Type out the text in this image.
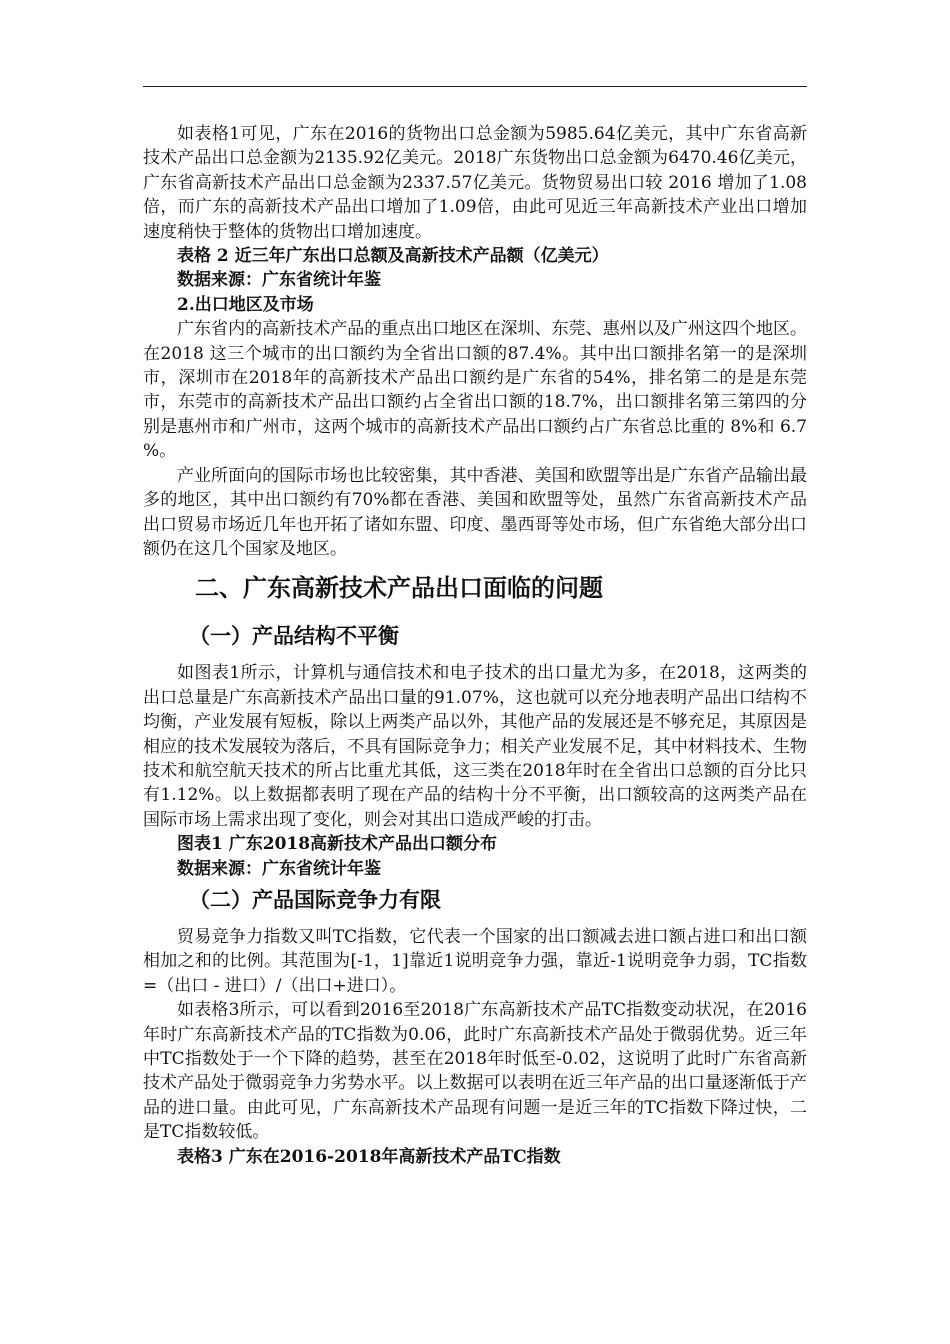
如表格1可见，广东在2016的货物出口总金额为5985.64亿美元，其中广东省高新技术产品出口总金额为2135.92亿美元。2018广东货物出口总金额为6470.46亿美元，广东省高新技术产品出口总金额为2337.57亿美元。货物贸易出口较 2016 增加了1.08倍，而广东的高新技术产品出口增加了1.09倍，由此可见近三年高新技术产业出口增加速度稍快于整体的货物出口增加速度。

表格 2 近三年广东出口总额及高新技术产品额（亿美元）

数据来源：广东省统计年鉴

2.出口地区及市场

广东省内的高新技术产品的重点出口地区在深圳、东莞、惠州以及广州这四个地区。在2018 这三个城市的出口额约为全省出口额的87.4%。其中出口额排名第一的是深圳市，深圳市在2018年的高新技术产品出口额约是广东省的54%，排名第二的是是东莞市，东莞市的高新技术产品出口额约占全省出口额的18.7%，出口额排名第三第四的分别是惠州市和广州市，这两个城市的高新技术产品出口额约占广东省总比重的 8%和 6.7 %。

产业所面向的国际市场也比较密集，其中香港、美国和欧盟等出是广东省产品输出最多的地区，其中出口额约有70%都在香港、美国和欧盟等处，虽然广东省高新技术产品出口贸易市场近几年也开拓了诸如东盟、印度、墨西哥等处市场，但广东省绝大部分出口额仍在这几个国家及地区。

二、广东高新技术产品出口面临的问题
（一）产品结构不平衡

如图表1所示，计算机与通信技术和电子技术的出口量尤为多，在2018，这两类的出口总量是广东高新技术产品出口量的91.07%，这也就可以充分地表明产品出口结构不均衡，产业发展有短板，除以上两类产品以外，其他产品的发展还是不够充足，其原因是相应的技术发展较为落后，不具有国际竞争力；相关产业发展不足，其中材料技术、生物技术和航空航天技术的所占比重尤其低，这三类在2018年时在全省出口总额的百分比只有1.12%。以上数据都表明了现在产品的结构十分不平衡，出口额较高的这两类产品在国际市场上需求出现了变化，则会对其出口造成严峻的打击。

图表1 广东2018高新技术产品出口额分布

数据来源：广东省统计年鉴

（二）产品国际竞争力有限

贸易竞争力指数又叫TC指数，它代表一个国家的出口额减去进口额占进口和出口额相加之和的比例。其范围为[-1，1]靠近1说明竞争力强，靠近-1说明竞争力弱，TC指数=（出口 - 进口）/（出口+进口）。

如表格3所示，可以看到2016至2018广东高新技术产品TC指数变动状况，在2016年时广东高新技术产品的TC指数为0.06，此时广东高新技术产品处于微弱优势。近三年中TC指数处于一个下降的趋势，甚至在2018年时低至-0.02，这说明了此时广东省高新技术产品处于微弱竞争力劣势水平。以上数据可以表明在近三年产品的出口量逐渐低于产品的进口量。由此可见，广东高新技术产品现有问题一是近三年的TC指数下降过快，二是TC指数较低。

表格3 广东在2016-2018年高新技术产品TC指数
